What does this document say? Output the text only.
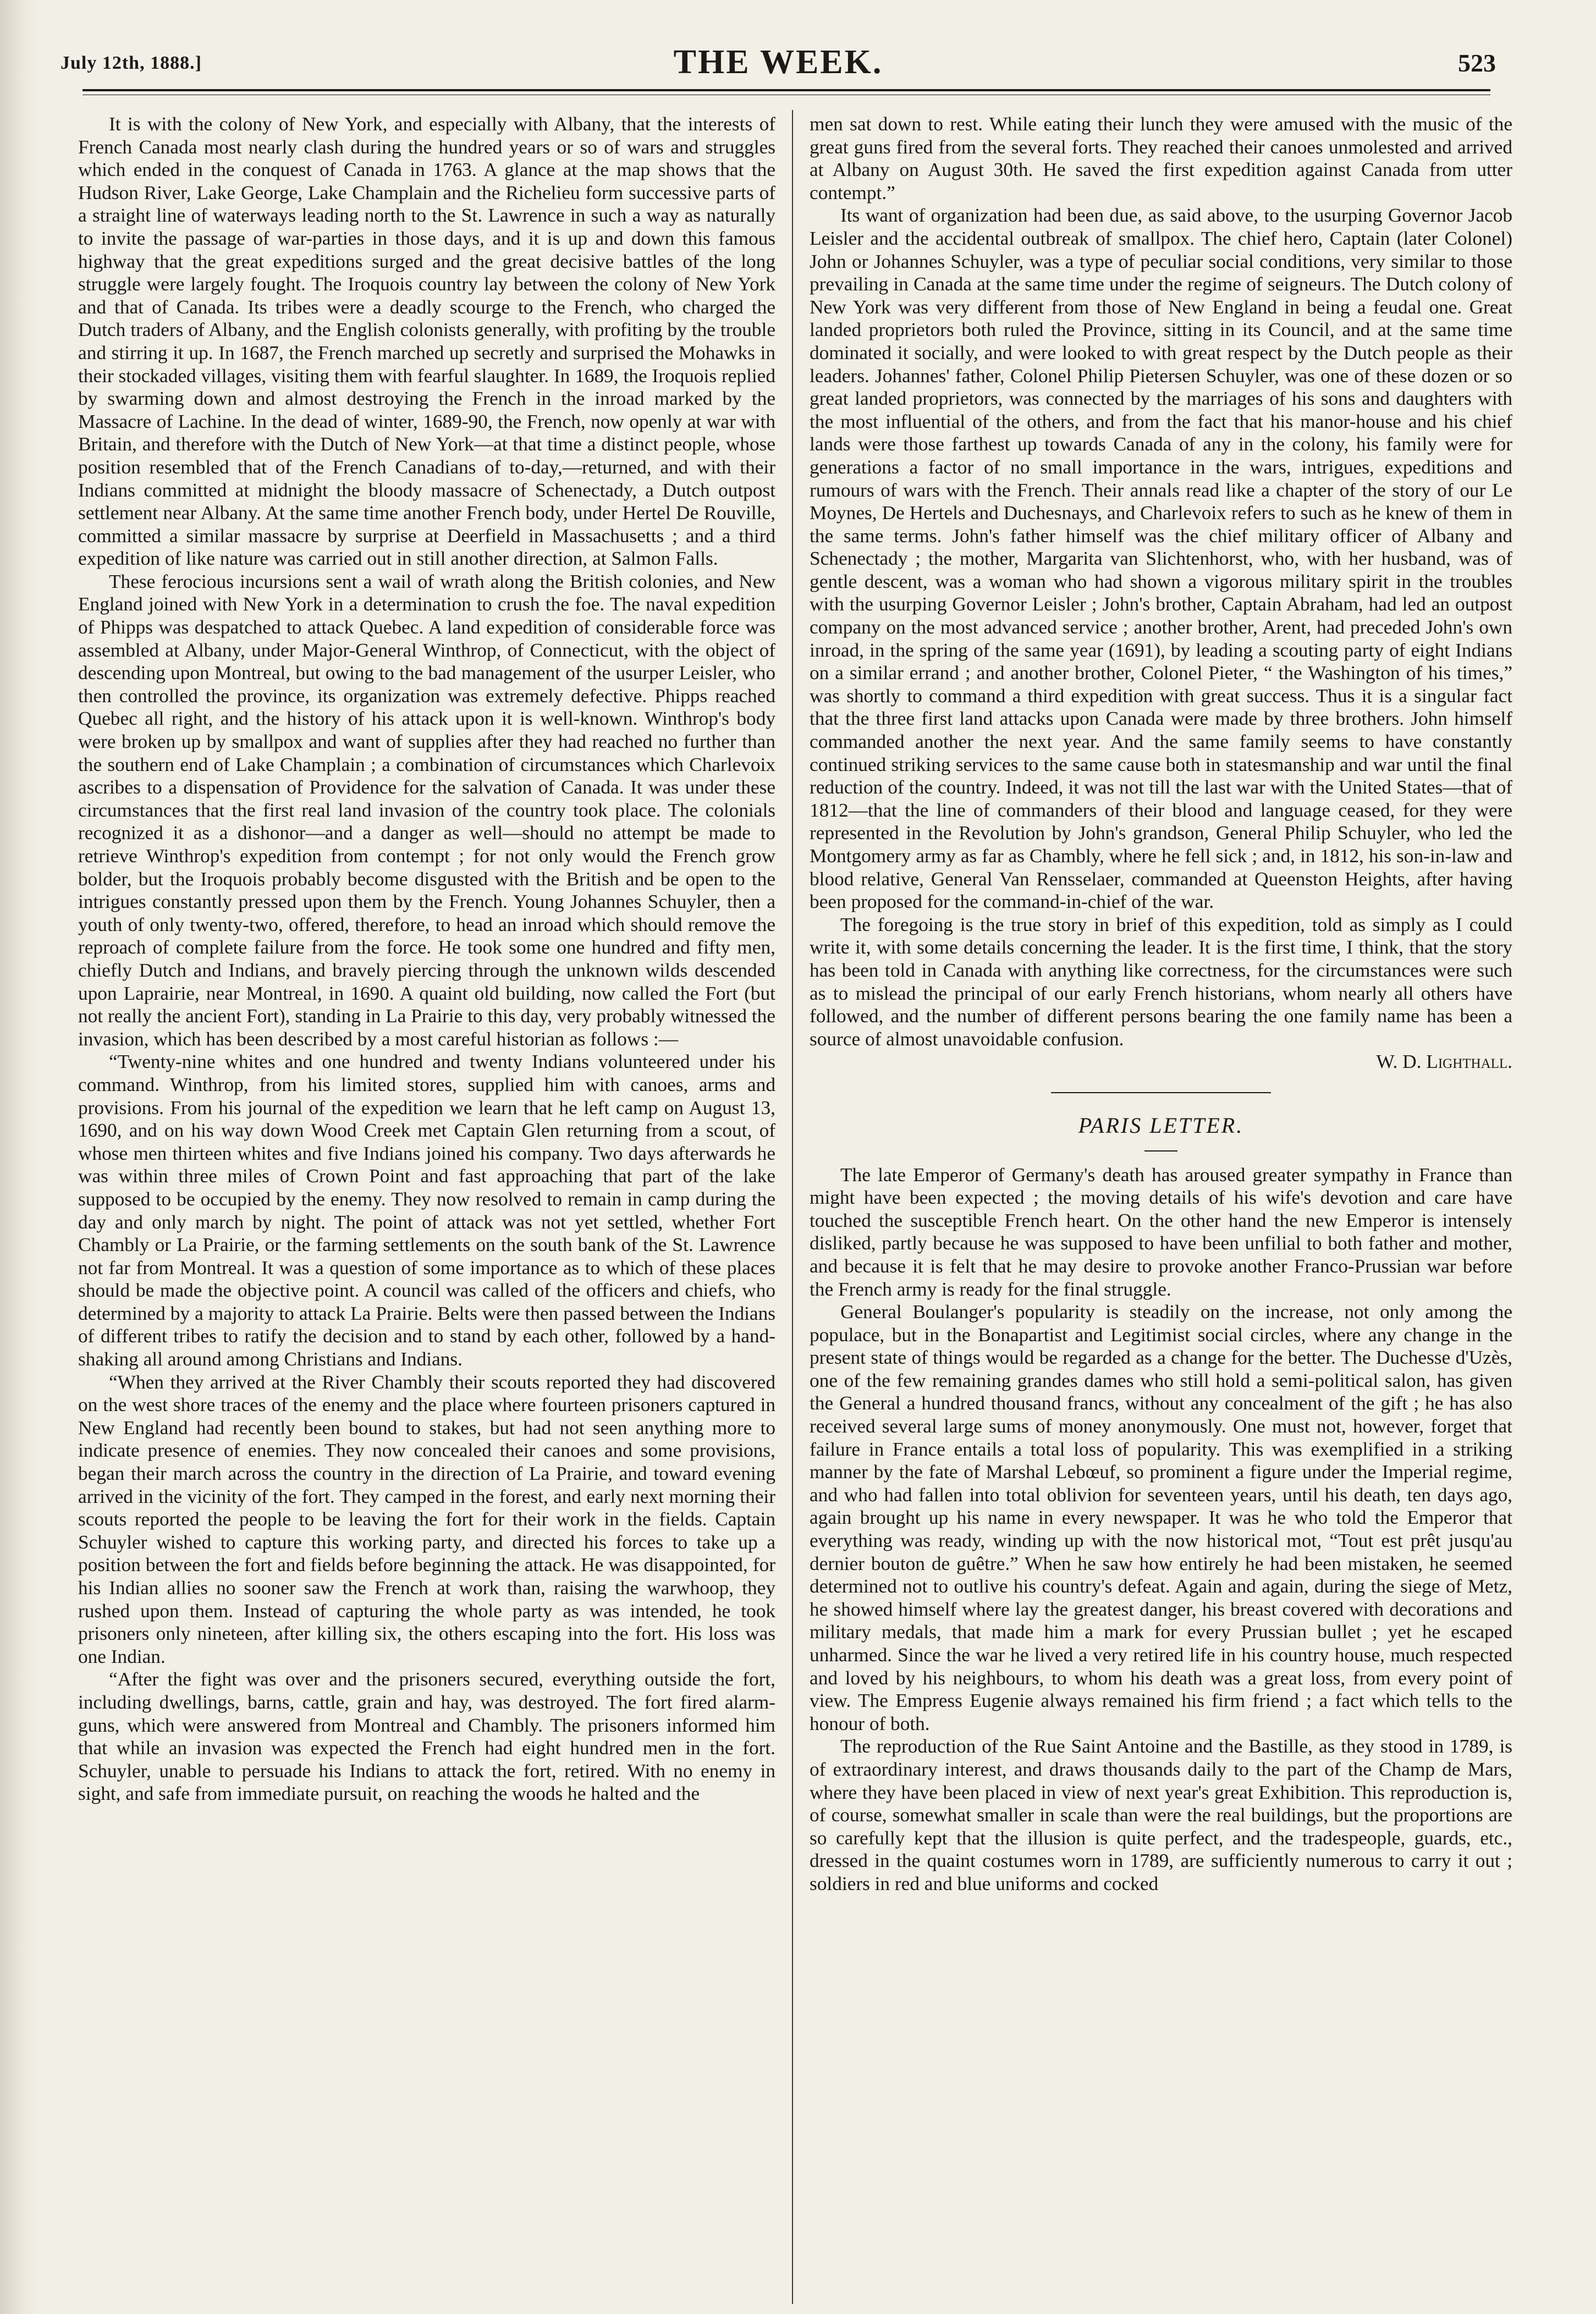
July 12th, 1888.]	THE WEEK.	523

It is with the colony of New York, and especially with Albany, that the interests of French Canada most nearly clash during the hundred years or so of wars and struggles which ended in the conquest of Canada in 1763. A glance at the map shows that the Hudson River, Lake George, Lake Champlain and the Richelieu form successive parts of a straight line of waterways leading north to the St. Lawrence in such a way as naturally to invite the passage of war-parties in those days, and it is up and down this famous highway that the great expeditions surged and the great decisive battles of the long struggle were largely fought. The Iroquois country lay between the colony of New York and that of Canada. Its tribes were a deadly scourge to the French, who charged the Dutch traders of Albany, and the English colonists generally, with profiting by the trouble and stirring it up. In 1687, the French marched up secretly and surprised the Mohawks in their stockaded villages, visiting them with fearful slaughter. In 1689, the Iroquois replied by swarming down and almost destroying the French in the inroad marked by the Massacre of Lachine. In the dead of winter, 1689-90, the French, now openly at war with Britain, and therefore with the Dutch of New York—at that time a distinct people, whose position resembled that of the French Canadians of to-day,—returned, and with their Indians committed at midnight the bloody massacre of Schenectady, a Dutch outpost settlement near Albany. At the same time another French body, under Hertel De Rouville, committed a similar massacre by surprise at Deerfield in Massachusetts ; and a third expedition of like nature was carried out in still another direction, at Salmon Falls.

These ferocious incursions sent a wail of wrath along the British colonies, and New England joined with New York in a determination to crush the foe. The naval expedition of Phipps was despatched to attack Quebec. A land expedition of considerable force was assembled at Albany, under Major-General Winthrop, of Connecticut, with the object of descending upon Montreal, but owing to the bad management of the usurper Leisler, who then controlled the province, its organization was extremely defective. Phipps reached Quebec all right, and the history of his attack upon it is well-known. Winthrop's body were broken up by smallpox and want of supplies after they had reached no further than the southern end of Lake Champlain ; a combination of circumstances which Charlevoix ascribes to a dispensation of Providence for the salvation of Canada. It was under these circumstances that the first real land invasion of the country took place. The colonials recognized it as a dishonor—and a danger as well—should no attempt be made to retrieve Winthrop's expedition from contempt ; for not only would the French grow bolder, but the Iroquois probably become disgusted with the British and be open to the intrigues constantly pressed upon them by the French. Young Johannes Schuyler, then a youth of only twenty-two, offered, therefore, to head an inroad which should remove the reproach of complete failure from the force. He took some one hundred and fifty men, chiefly Dutch and Indians, and bravely piercing through the unknown wilds descended upon Laprairie, near Montreal, in 1690. A quaint old building, now called the Fort (but not really the ancient Fort), standing in La Prairie to this day, very probably witnessed the invasion, which has been described by a most careful historian as follows :—

“Twenty-nine whites and one hundred and twenty Indians volunteered under his command. Winthrop, from his limited stores, supplied him with canoes, arms and provisions. From his journal of the expedition we learn that he left camp on August 13, 1690, and on his way down Wood Creek met Captain Glen returning from a scout, of whose men thirteen whites and five Indians joined his company. Two days afterwards he was within three miles of Crown Point and fast approaching that part of the lake supposed to be occupied by the enemy. They now resolved to remain in camp during the day and only march by night. The point of attack was not yet settled, whether Fort Chambly or La Prairie, or the farming settlements on the south bank of the St. Lawrence not far from Montreal. It was a question of some importance as to which of these places should be made the objective point. A council was called of the officers and chiefs, who determined by a majority to attack La Prairie. Belts were then passed between the Indians of different tribes to ratify the decision and to stand by each other, followed by a hand-shaking all around among Christians and Indians.

“When they arrived at the River Chambly their scouts reported they had discovered on the west shore traces of the enemy and the place where fourteen prisoners captured in New England had recently been bound to stakes, but had not seen anything more to indicate presence of enemies. They now concealed their canoes and some provisions, began their march across the country in the direction of La Prairie, and toward evening arrived in the vicinity of the fort. They camped in the forest, and early next morning their scouts reported the people to be leaving the fort for their work in the fields. Captain Schuyler wished to capture this working party, and directed his forces to take up a position between the fort and fields before beginning the attack. He was disappointed, for his Indian allies no sooner saw the French at work than, raising the warwhoop, they rushed upon them. Instead of capturing the whole party as was intended, he took prisoners only nineteen, after killing six, the others escaping into the fort. His loss was one Indian.

“After the fight was over and the prisoners secured, everything outside the fort, including dwellings, barns, cattle, grain and hay, was destroyed. The fort fired alarm-guns, which were answered from Montreal and Chambly. The prisoners informed him that while an invasion was expected the French had eight hundred men in the fort. Schuyler, unable to persuade his Indians to attack the fort, retired. With no enemy in sight, and safe from immediate pursuit, on reaching the woods he halted and the

men sat down to rest. While eating their lunch they were amused with the music of the great guns fired from the several forts. They reached their canoes unmolested and arrived at Albany on August 30th. He saved the first expedition against Canada from utter contempt.”

Its want of organization had been due, as said above, to the usurping Governor Jacob Leisler and the accidental outbreak of smallpox. The chief hero, Captain (later Colonel) John or Johannes Schuyler, was a type of peculiar social conditions, very similar to those prevailing in Canada at the same time under the regime of seigneurs. The Dutch colony of New York was very different from those of New England in being a feudal one. Great landed proprietors both ruled the Province, sitting in its Council, and at the same time dominated it socially, and were looked to with great respect by the Dutch people as their leaders. Johannes' father, Colonel Philip Pietersen Schuyler, was one of these dozen or so great landed proprietors, was connected by the marriages of his sons and daughters with the most influential of the others, and from the fact that his manor-house and his chief lands were those farthest up towards Canada of any in the colony, his family were for generations a factor of no small importance in the wars, intrigues, expeditions and rumours of wars with the French. Their annals read like a chapter of the story of our Le Moynes, De Hertels and Duchesnays, and Charlevoix refers to such as he knew of them in the same terms. John's father himself was the chief military officer of Albany and Schenectady ; the mother, Margarita van Slichtenhorst, who, with her husband, was of gentle descent, was a woman who had shown a vigorous military spirit in the troubles with the usurping Governor Leisler ; John's brother, Captain Abraham, had led an outpost company on the most advanced service ; another brother, Arent, had preceded John's own inroad, in the spring of the same year (1691), by leading a scouting party of eight Indians on a similar errand ; and another brother, Colonel Pieter, “ the Washington of his times,” was shortly to command a third expedition with great success. Thus it is a singular fact that the three first land attacks upon Canada were made by three brothers. John himself commanded another the next year. And the same family seems to have constantly continued striking services to the same cause both in statesmanship and war until the final reduction of the country. Indeed, it was not till the last war with the United States—that of 1812—that the line of commanders of their blood and language ceased, for they were represented in the Revolution by John's grandson, General Philip Schuyler, who led the Montgomery army as far as Chambly, where he fell sick ; and, in 1812, his son-in-law and blood relative, General Van Rensselaer, commanded at Queenston Heights, after having been proposed for the command-in-chief of the war.

The foregoing is the true story in brief of this expedition, told as simply as I could write it, with some details concerning the leader. It is the first time, I think, that the story has been told in Canada with anything like correctness, for the circumstances were such as to mislead the principal of our early French historians, whom nearly all others have followed, and the number of different persons bearing the one family name has been a source of almost unavoidable confusion.

W. D. Lighthall.
PARIS LETTER.

The late Emperor of Germany's death has aroused greater sympathy in France than might have been expected ; the moving details of his wife's devotion and care have touched the susceptible French heart. On the other hand the new Emperor is intensely disliked, partly because he was supposed to have been unfilial to both father and mother, and because it is felt that he may desire to provoke another Franco-Prussian war before the French army is ready for the final struggle.

General Boulanger's popularity is steadily on the increase, not only among the populace, but in the Bonapartist and Legitimist social circles, where any change in the present state of things would be regarded as a change for the better. The Duchesse d'Uzès, one of the few remaining grandes dames who still hold a semi-political salon, has given the General a hundred thousand francs, without any concealment of the gift ; he has also received several large sums of money anonymously. One must not, however, forget that failure in France entails a total loss of popularity. This was exemplified in a striking manner by the fate of Marshal Lebœuf, so prominent a figure under the Imperial regime, and who had fallen into total oblivion for seventeen years, until his death, ten days ago, again brought up his name in every newspaper. It was he who told the Emperor that everything was ready, winding up with the now historical mot, “Tout est prêt jusqu'au dernier bouton de guêtre.” When he saw how entirely he had been mistaken, he seemed determined not to outlive his country's defeat. Again and again, during the siege of Metz, he showed himself where lay the greatest danger, his breast covered with decorations and military medals, that made him a mark for every Prussian bullet ; yet he escaped unharmed. Since the war he lived a very retired life in his country house, much respected and loved by his neighbours, to whom his death was a great loss, from every point of view. The Empress Eugenie always remained his firm friend ; a fact which tells to the honour of both.

The reproduction of the Rue Saint Antoine and the Bastille, as they stood in 1789, is of extraordinary interest, and draws thousands daily to the part of the Champ de Mars, where they have been placed in view of next year's great Exhibition. This reproduction is, of course, somewhat smaller in scale than were the real buildings, but the proportions are so carefully kept that the illusion is quite perfect, and the tradespeople, guards, etc., dressed in the quaint costumes worn in 1789, are sufficiently numerous to carry it out ; soldiers in red and blue uniforms and cocked
